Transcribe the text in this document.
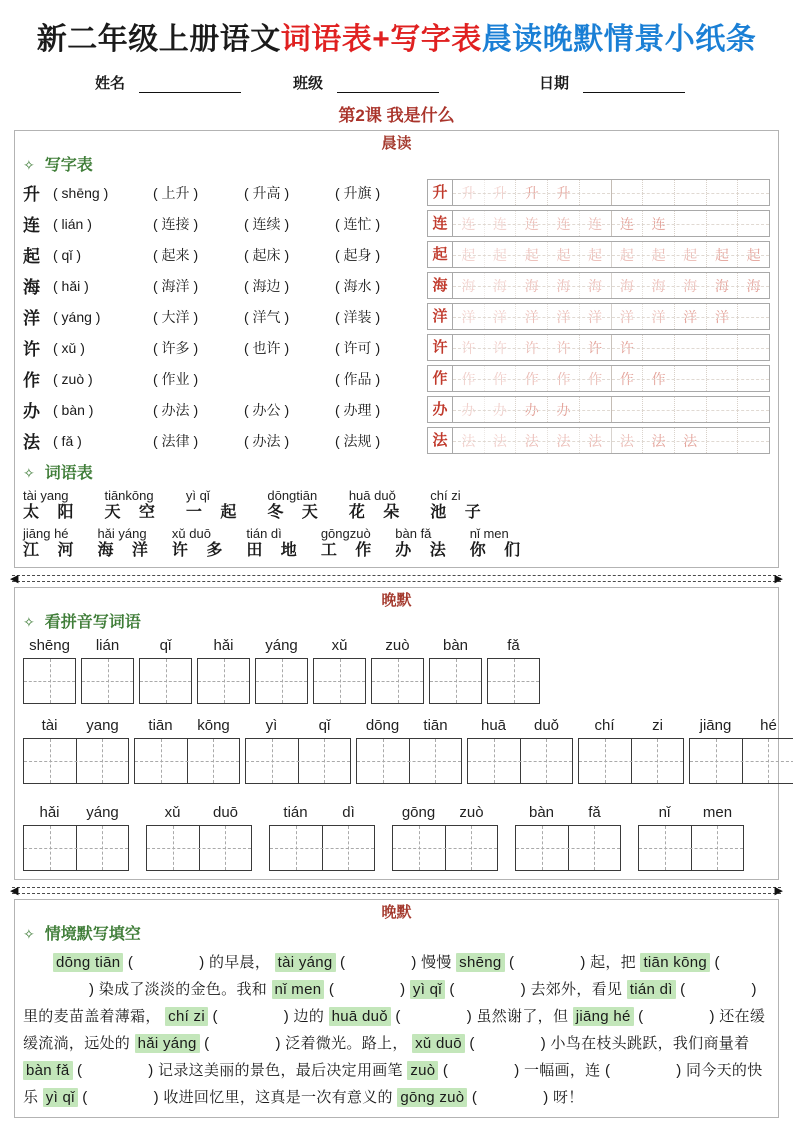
新二年级上册语文词语表+写字表晨读晚默情景小纸条
姓名	班级	日期
第2课 我是什么
晨读
✧ 写字表
升 ( shēng )	( 上升 )	( 升高 )	( 升旗 )
连 ( lián )	( 连接 )	( 连续 )	( 连忙 )
起 ( qǐ )	( 起来 )	( 起床 )	( 起身 )
海 ( hǎi )	( 海洋 )	( 海边 )	( 海水 )
洋 ( yáng )	( 大洋 )	( 洋气 )	( 洋装 )
许 ( xǔ )	( 许多 )	( 也许 )	( 许可 )
作 ( zuò )	( 作业 )	( 作品 )
办 ( bàn )	( 办法 )	( 办公 )	( 办理 )
法 ( fǎ )	( 法律 )	( 办法 )	( 法规 )
升 升	升	升	升
连 连	连	连	连	连	连	连
起 起	起	起	起	起	起	起	起	起	起
海 海	海	海	海	海	海	海	海	海	海
洋 洋	洋	洋	洋	洋	洋	洋	洋	洋
许 许	许	许	许	许	许
作 作	作	作	作	作	作	作
办 办	办	办	办
法 法	法	法	法	法	法	法	法
✧ 词语表
tài yang
太 阳
tiānkōng
天 空
yì qǐ
一 起
dōngtiān
冬 天
huā duǒ
花 朵
chí zi
池 子
jiāng hé
江 河
hǎi yáng
海 洋
xǔ duō
许 多
tián dì
田 地
gōngzuò
工 作
bàn fǎ
办 法
nǐ men
你 们
◀	▶
晚默
✧ 看拼音写词语
shēng	lián	qǐ	hǎi	yáng	xǔ	zuò	bàn	fǎ
tài	yang	tiān	kōng	yì	qǐ	dōng	tiān	huā	duǒ	chí	zi	jiāng	hé
hǎi	yáng	xǔ	duō	tián	dì	gōng	zuò	bàn	fǎ	nǐ	men
◀	▶
晚默
✧ 情境默写填空
dōng tiān (	) 的早晨， tài yáng (	) 慢慢 shēng (	) 起，把 tiān kōng () 染成了淡淡的金色。我和 nǐ men (	) yì qǐ (	) 去郊外，看见 tián dì (	) 里的麦苗盖着薄霜， chí zi (	) 边的 huā duǒ (	) 虽然谢了，但 jiāng hé (	) 还在缓缓流淌，远处的 hǎi yáng (	) 泛着微光。路上， xǔ duō (	) 小鸟在枝头跳跃，我们商量着 bàn fǎ (	) 记录这美丽的景色，最后决定用画笔 zuò (	) 一幅画，连 (	) 同今天的快乐 yì qǐ (	) 收进回忆里，这真是一次有意义的 gōng zuò (	) 呀！
